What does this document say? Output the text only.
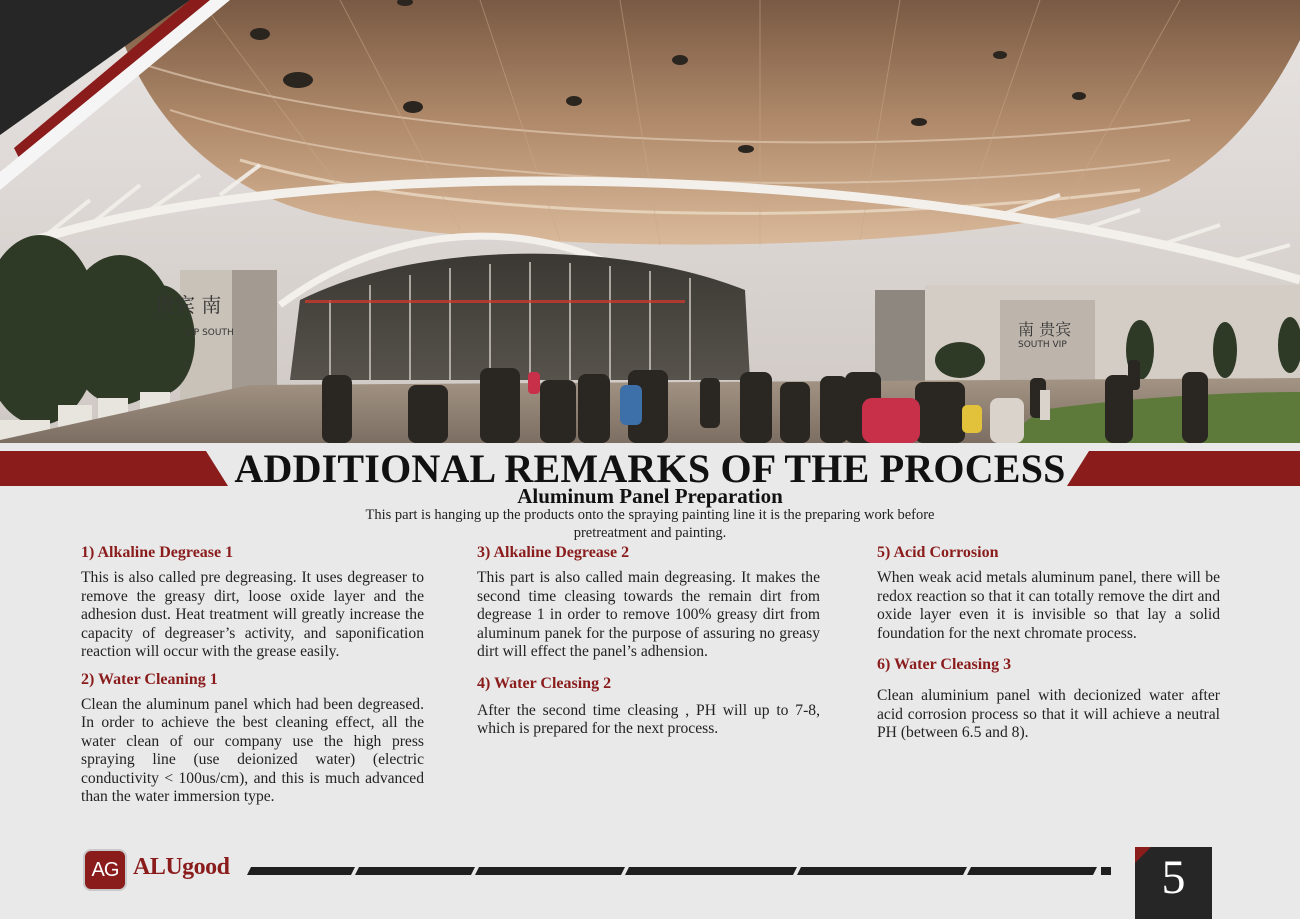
贵宾 南
VIP SOUTH	南 贵宾
SOUTH VIP
ADDITIONAL REMARKS OF THE PROCESS
Aluminum Panel Preparation

This part is hanging up the products onto the spraying painting line it is the preparing work before pretreatment and painting.

1) Alkaline Degrease 1

This is also called pre degreasing. It uses degreaser to remove the greasy dirt, loose oxide layer and the adhesion dust. Heat treatment will greatly increase the capacity of degreaser’s activity, and saponification reaction will occur with the grease easily.

2) Water Cleaning 1

Clean the aluminum panel which had been degreased. In order to achieve the best cleaning effect, all the water clean of our company use the high press spraying line (use deionized water) (electric conductivity < 100us/cm), and this is much advanced than the water immersion type.

3) Alkaline Degrease 2

This part is also called main degreasing. It makes the second time cleasing towards the remain dirt from degrease 1 in order to remove 100% greasy dirt from aluminum panek for the purpose of assuring no greasy dirt will effect the panel’s adhension.

4) Water Cleasing 2

After the second time cleasing , PH will up to 7-8, which is prepared for the next process.

5) Acid Corrosion

When weak acid metals aluminum panel, there will be redox reaction so that it can totally remove the dirt and oxide layer even it is invisible so that lay a solid foundation for the next chromate process.

6) Water Cleasing 3

Clean aluminium panel with decionized water after acid corrosion process so that it will achieve a neutral PH (between 6.5 and 8).

AG ALUgood	5
